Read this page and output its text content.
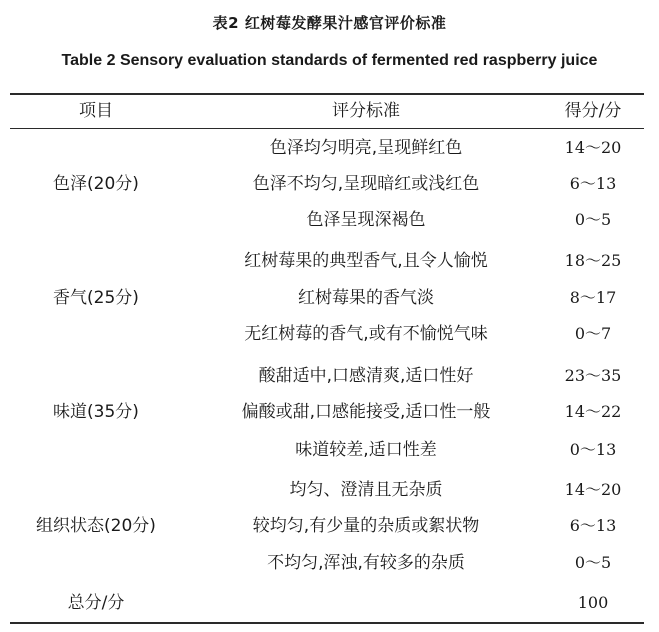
表2 红树莓发酵果汁感官评价标准
Table 2 Sensory evaluation standards of fermented red raspberry juice
项目	评分标准	得分/分
色泽(20分)
色泽均匀明亮,呈现鲜红色	14～20
色泽不均匀,呈现暗红或浅红色	6～13
色泽呈现深褐色	0～5
香气(25分)
红树莓果的典型香气,且令人愉悦	18～25
红树莓果的香气淡	8～17
无红树莓的香气,或有不愉悦气味	0～7
味道(35分)
酸甜适中,口感清爽,适口性好	23～35
偏酸或甜,口感能接受,适口性一般	14～22
味道较差,适口性差	0～13
组织状态(20分)
均匀、澄清且无杂质	14～20
较均匀,有少量的杂质或絮状物	6～13
不均匀,浑浊,有较多的杂质	0～5
总分/分	100
